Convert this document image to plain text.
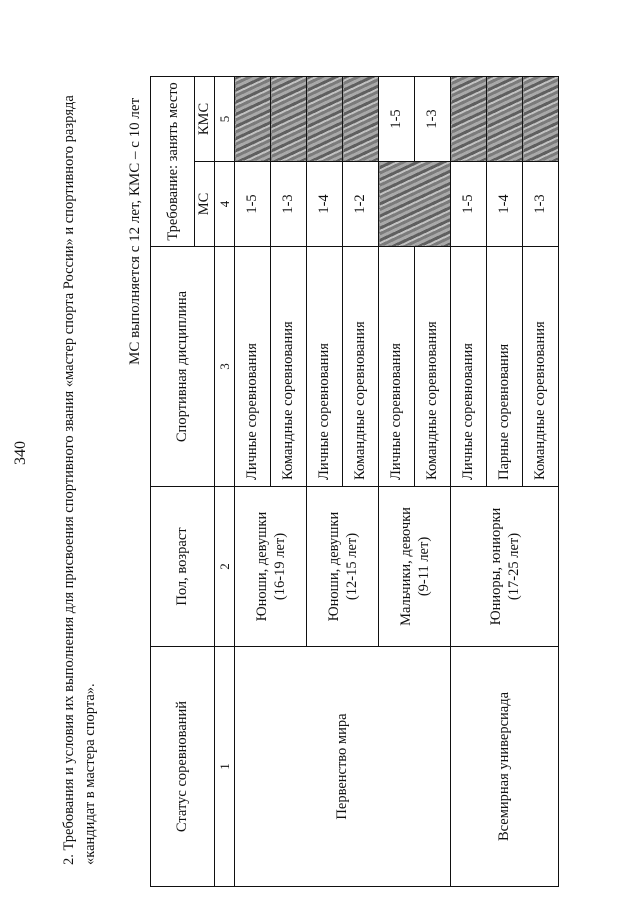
340 2. Требования и условия их выполнения для присвоения спортивного звания «мастер спорта России» и спортивного разряда «кандидат в мастера спорта».
МС выполняется с 12 лет, КМС – с 10 лет
Статус соревнований	Пол, возраст	Спортивная дисциплина	Требование: занять место	
			МС	КМС
1	2	3	4	5
Первенство мира	Юноши, девушки (16-19 лет)	Личные соревнования	1-5	
		Командные соревнования	1-3	

	Юноши, девушки (12-15 лет)	Личные соревнования	1-4	
		Командные соревнования	1-2	

	Мальчики, девочки (9-11 лет)	Личные соревнования		1-5
		Командные соревнования		1-3
Всемирная универсиада	Юниоры, юниорки (17-25 лет)	Личные соревнования	1-5	
		Парные соревнования	1-4	
		Командные соревнования	1-3	
